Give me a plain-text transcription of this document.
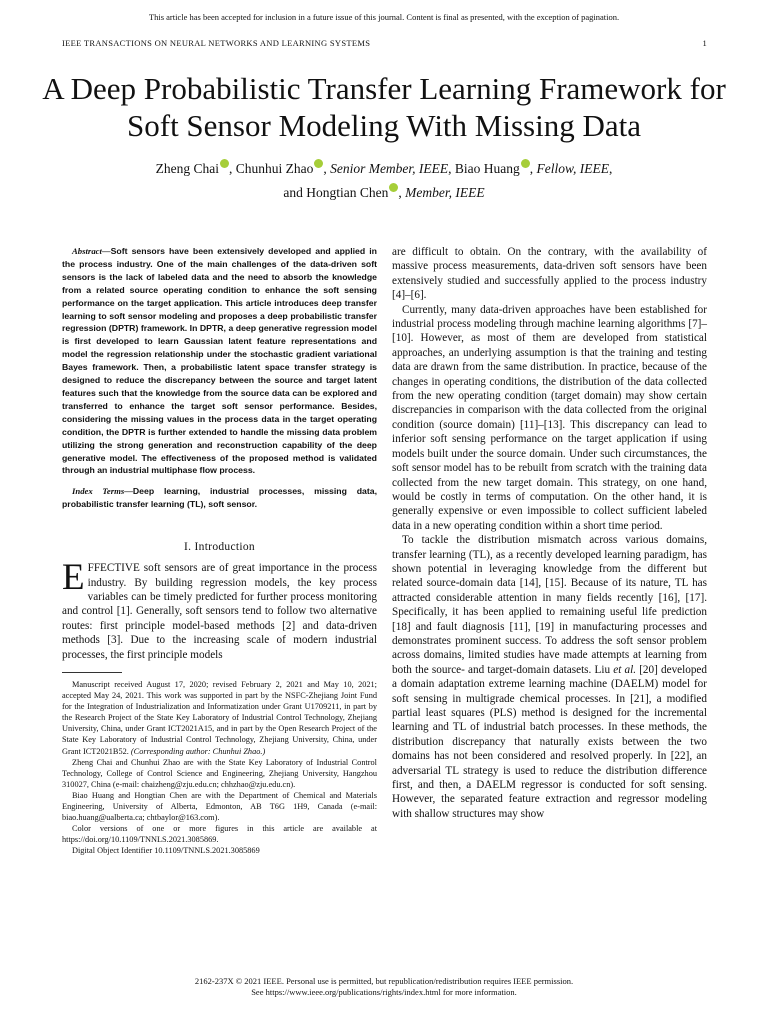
This article has been accepted for inclusion in a future issue of this journal. Content is final as presented, with the exception of pagination.
IEEE TRANSACTIONS ON NEURAL NETWORKS AND LEARNING SYSTEMS	1
A Deep Probabilistic Transfer Learning Framework for Soft Sensor Modeling With Missing Data
Zheng Chai , Chunhui Zhao , Senior Member, IEEE, Biao Huang , Fellow, IEEE,
and Hongtian Chen , Member, IEEE

Abstract—Soft sensors have been extensively developed and applied in the process industry. One of the main challenges of the data-driven soft sensors is the lack of labeled data and the need to absorb the knowledge from a related source operating condition to enhance the soft sensing performance on the target application. This article introduces deep transfer learning to soft sensor modeling and proposes a deep probabilistic transfer regression (DPTR) framework. In DPTR, a deep generative regression model is first developed to learn Gaussian latent feature representations and model the regression relationship under the stochastic gradient variational Bayes framework. Then, a probabilistic latent space transfer strategy is designed to reduce the discrepancy between the source and target latent features such that the knowledge from the source data can be explored and transferred to enhance the target soft sensor performance. Besides, considering the missing values in the process data in the target operating condition, the DPTR is further extended to handle the missing data problem utilizing the strong generation and reconstruction capability of the deep generative model. The effectiveness of the proposed method is validated through an industrial multiphase flow process.

Index Terms—Deep learning, industrial processes, missing data, probabilistic transfer learning (TL), soft sensor.

I. Introduction

EFFECTIVE soft sensors are of great importance in the process industry. By building regression models, the key process variables can be timely predicted for further process monitoring and control [1]. Generally, soft sensors tend to follow two alternative routes: first principle model-based methods [2] and data-driven methods [3]. Due to the increasing scale of modern industrial processes, the first principle models

Manuscript received August 17, 2020; revised February 2, 2021 and May 10, 2021; accepted May 24, 2021. This work was supported in part by the NSFC-Zhejiang Joint Fund for the Integration of Industrialization and Informatization under Grant U1709211, in part by the Research Project of the State Key Laboratory of Industrial Control Technology, Zhejiang University, China, under Grant ICT2021A15, and in part by the Open Research Project of the State Key Laboratory of Industrial Control Technology, Zhejiang University, China, under Grant ICT2021B52. (Corresponding author: Chunhui Zhao.)

Zheng Chai and Chunhui Zhao are with the State Key Laboratory of Industrial Control Technology, College of Control Science and Engineering, Zhejiang University, Hangzhou 310027, China (e-mail: chaizheng@zju.edu.cn; chhzhao@zju.edu.cn).

Biao Huang and Hongtian Chen are with the Department of Chemical and Materials Engineering, University of Alberta, Edmonton, AB T6G 1H9, Canada (e-mail: biao.huang@ualberta.ca; chtbaylor@163.com).

Color versions of one or more figures in this article are available at https://doi.org/10.1109/TNNLS.2021.3085869.

Digital Object Identifier 10.1109/TNNLS.2021.3085869

are difficult to obtain. On the contrary, with the availability of massive process measurements, data-driven soft sensors have been extensively studied and successfully applied to the process industry [4]–[6].

Currently, many data-driven approaches have been established for industrial process modeling through machine learning algorithms [7]–[10]. However, as most of them are developed from statistical approaches, an underlying assumption is that the training and testing data are drawn from the same distribution. In practice, because of the changes in operating conditions, the distribution of the data collected from the new operating condition (target domain) may show certain discrepancies in comparison with the data collected from the original condition (source domain) [11]–[13]. This discrepancy can lead to inferior soft sensing performance on the target application if using models built under the source domain. Under such circumstances, the soft sensor model has to be rebuilt from scratch with the training data collected from the new target domain. This strategy, on one hand, would be costly in terms of computation. On the other hand, it is generally expensive or even impossible to collect sufficient labeled data in a new operating condition within a short time period.

To tackle the distribution mismatch across various domains, transfer learning (TL), as a recently developed learning paradigm, has shown potential in leveraging knowledge from the different but related source-domain data [14], [15]. Because of its nature, TL has attracted considerable attention in many fields recently [16], [17]. Specifically, it has been applied to remaining useful life prediction [18] and fault diagnosis [11], [19] in manufacturing processes and demonstrates prominent success. To address the soft sensor problem across domains, limited studies have made attempts at learning from both the source- and target-domain datasets. Liu et al. [20] developed a domain adaptation extreme learning machine (DAELM) model for soft sensing in multigrade chemical processes. In [21], a modified partial least squares (PLS) method is designed for the incremental learning and TL of industrial batch processes. In these methods, the distribution discrepancy that naturally exists between the two domains has not been considered and resolved properly. In [22], an adversarial TL strategy is used to reduce the distribution difference first, and then, a DAELM regressor is conducted for soft sensing. However, the separated feature extraction and regressor modeling with shallow structures may show

2162-237X © 2021 IEEE. Personal use is permitted, but republication/redistribution requires IEEE permission.
See https://www.ieee.org/publications/rights/index.html for more information.
